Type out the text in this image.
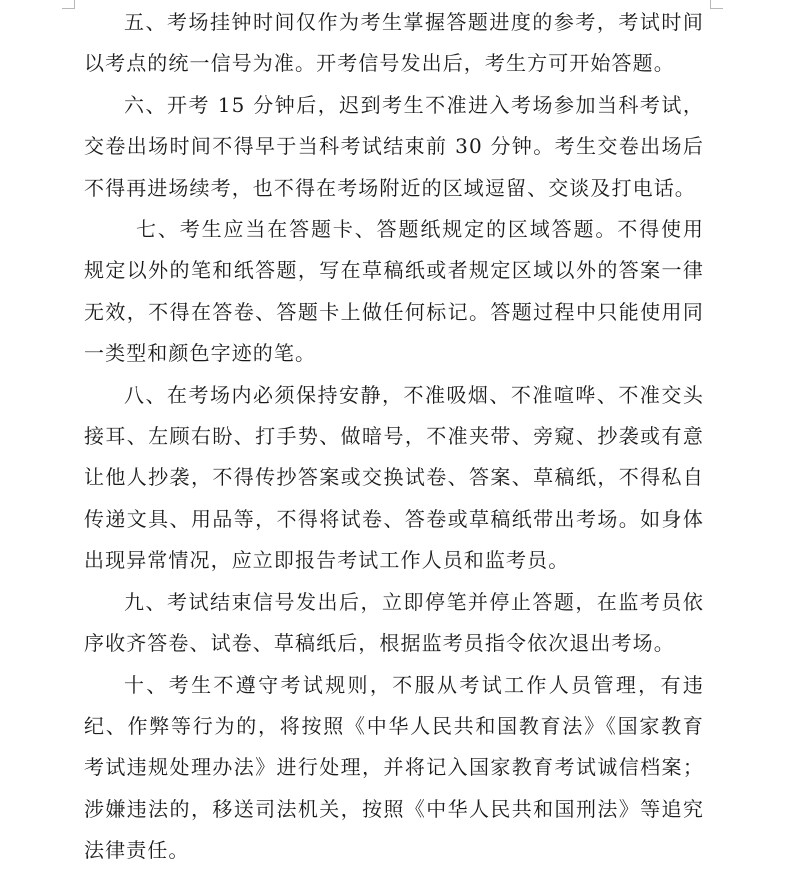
五、考场挂钟时间仅作为考生掌握答题进度的参考，考试时间以考点的统一信号为准。开考信号发出后，考生方可开始答题。

六、开考 15 分钟后，迟到考生不准进入考场参加当科考试，交卷出场时间不得早于当科考试结束前 30 分钟。考生交卷出场后不得再进场续考，也不得在考场附近的区域逗留、交谈及打电话。

七、考生应当在答题卡、答题纸规定的区域答题。不得使用规定以外的笔和纸答题，写在草稿纸或者规定区域以外的答案一律无效，不得在答卷、答题卡上做任何标记。答题过程中只能使用同一类型和颜色字迹的笔。

八、在考场内必须保持安静，不准吸烟、不准喧哗、不准交头接耳、左顾右盼、打手势、做暗号，不准夹带、旁窥、抄袭或有意让他人抄袭，不得传抄答案或交换试卷、答案、草稿纸，不得私自传递文具、用品等，不得将试卷、答卷或草稿纸带出考场。如身体出现异常情况，应立即报告考试工作人员和监考员。

九、考试结束信号发出后，立即停笔并停止答题，在监考员依序收齐答卷、试卷、草稿纸后，根据监考员指令依次退出考场。

十、考生不遵守考试规则，不服从考试工作人员管理，有违纪、作弊等行为的，将按照《中华人民共和国教育法》《国家教育考试违规处理办法》进行处理，并将记入国家教育考试诚信档案；涉嫌违法的，移送司法机关，按照《中华人民共和国刑法》等追究法律责任。
